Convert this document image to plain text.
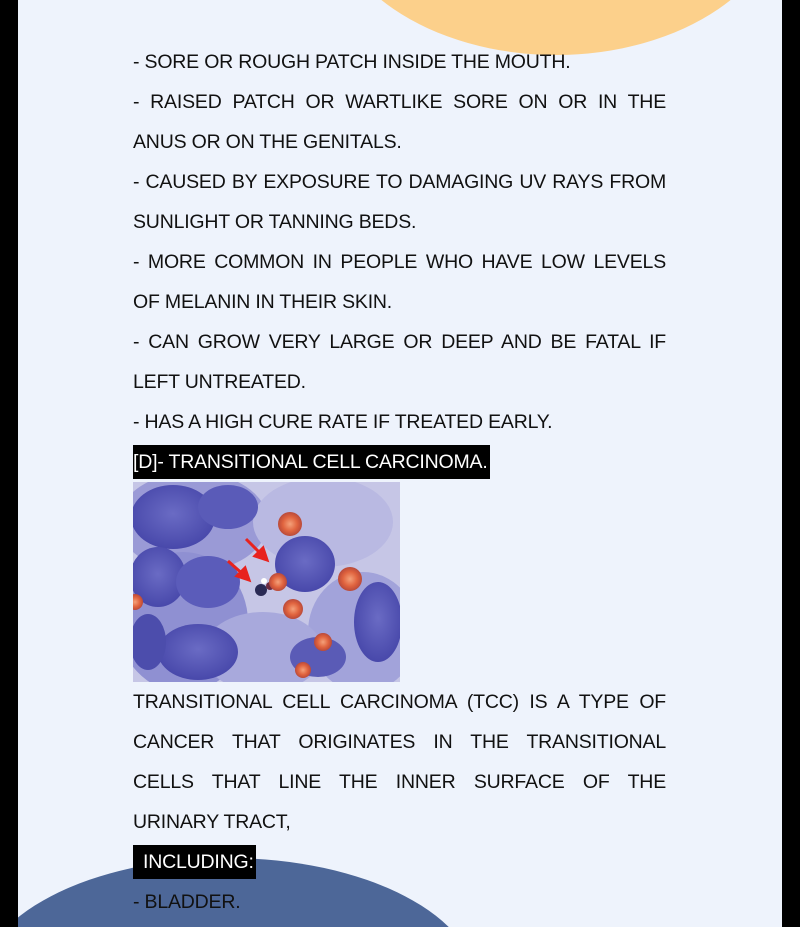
- SORE OR ROUGH PATCH INSIDE THE MOUTH.
- RAISED PATCH OR WARTLIKE SORE ON OR IN THE
ANUS OR ON THE GENITALS.
- CAUSED BY EXPOSURE TO DAMAGING UV RAYS FROM
SUNLIGHT OR TANNING BEDS.
- MORE COMMON IN PEOPLE WHO HAVE LOW LEVELS
OF MELANIN IN THEIR SKIN.
- CAN GROW VERY LARGE OR DEEP AND BE FATAL IF
LEFT UNTREATED.
- HAS A HIGH CURE RATE IF TREATED EARLY.
[D]- TRANSITIONAL CELL CARCINOMA.
TRANSITIONAL CELL CARCINOMA (TCC) IS A TYPE OF
CANCER THAT ORIGINATES IN THE TRANSITIONAL
CELLS THAT LINE THE INNER SURFACE OF THE
URINARY TRACT,
INCLUDING:
- BLADDER.
